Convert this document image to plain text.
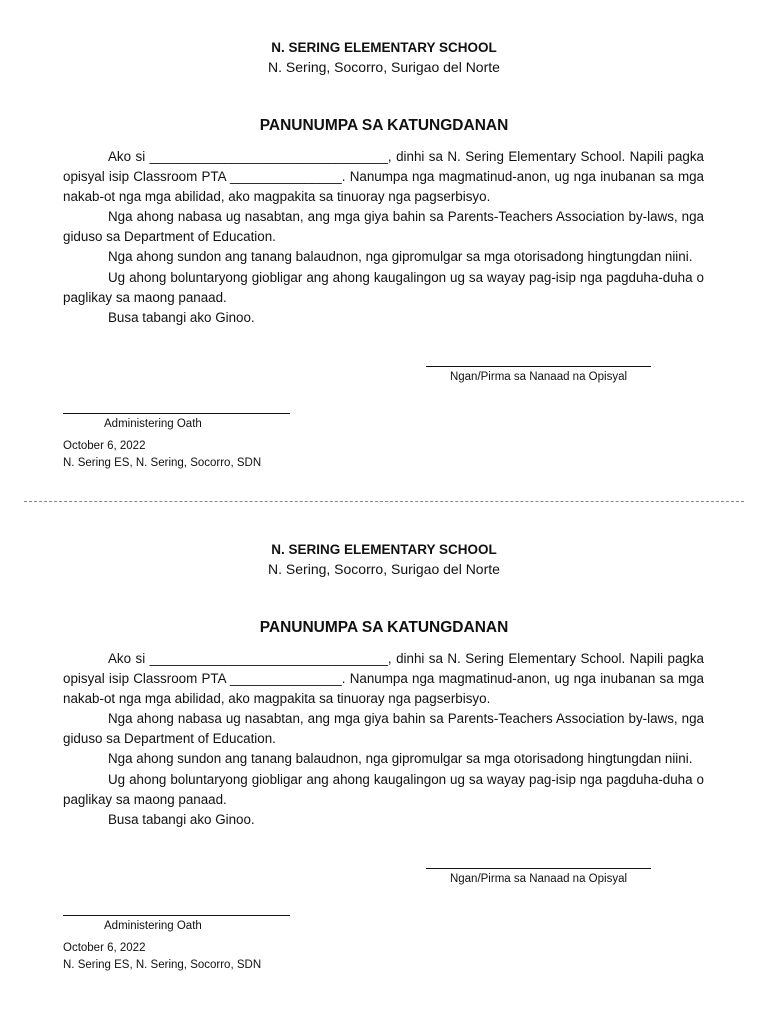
N. SERING ELEMENTARY SCHOOL
N. Sering, Socorro, Surigao del Norte
PANUNUMPA SA KATUNGDANAN

Ako si ________________________________, dinhi sa N. Sering Elementary School. Napili pagka opisyal isip Classroom PTA _______________. Nanumpa nga magmatinud-anon, ug nga inubanan sa mga nakab-ot nga mga abilidad, ako magpakita sa tinuoray nga pagserbisyo.

Nga ahong nabasa ug nasabtan, ang mga giya bahin sa Parents-Teachers Association by-laws, nga giduso sa Department of Education.

Nga ahong sundon ang tanang balaudnon, nga gipromulgar sa mga otorisadong hingtungdan niini.

Ug ahong boluntaryong giobligar ang ahong kaugalingon ug sa wayay pag-isip nga pagduha-duha o paglikay sa maong panaad.

Busa tabangi ako Ginoo.

Ngan/Pirma sa Nanaad na Opisyal
Administering Oath
October 6, 2022
N. Sering ES, N. Sering, Socorro, SDN
N. SERING ELEMENTARY SCHOOL
N. Sering, Socorro, Surigao del Norte
PANUNUMPA SA KATUNGDANAN

Ako si ________________________________, dinhi sa N. Sering Elementary School. Napili pagka opisyal isip Classroom PTA _______________. Nanumpa nga magmatinud-anon, ug nga inubanan sa mga nakab-ot nga mga abilidad, ako magpakita sa tinuoray nga pagserbisyo.

Nga ahong nabasa ug nasabtan, ang mga giya bahin sa Parents-Teachers Association by-laws, nga giduso sa Department of Education.

Nga ahong sundon ang tanang balaudnon, nga gipromulgar sa mga otorisadong hingtungdan niini.

Ug ahong boluntaryong giobligar ang ahong kaugalingon ug sa wayay pag-isip nga pagduha-duha o paglikay sa maong panaad.

Busa tabangi ako Ginoo.

Ngan/Pirma sa Nanaad na Opisyal
Administering Oath
October 6, 2022
N. Sering ES, N. Sering, Socorro, SDN
